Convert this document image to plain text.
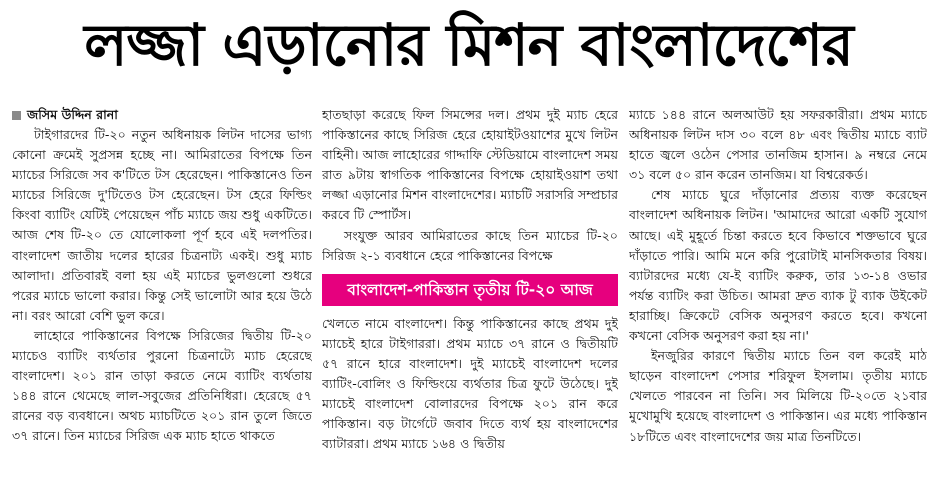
লজ্জা এড়ানোর মিশন বাংলাদেশের
জসিম উদ্দিন রানা

টাইগারদের টি-২০ নতুন অধিনায়ক লিটন দাসের ভাগ্য কোনো ক্রমেই সুপ্রসন্ন হচ্ছে না। আমিরাতের বিপক্ষে তিন ম্যাচের সিরিজে সব ক'টিতে টস হেরেছেন। পাকিস্তানেও তিন ম্যাচের সিরিজে দু'টিতেও টস হেরেছেন। টস হেরে ফিল্ডিং কিংবা ব্যাটিং যেটিই পেয়েছেন পাঁচ ম্যাচে জয় শুধু একটিতে। আজ শেষ টি-২০ তে যোলোকলা পূর্ণ হবে এই দলপতির। বাংলাদেশ জাতীয় দলের হারের চিত্রনাট্য একই। শুধু ম্যাচ আলাদা। প্রতিবারই বলা হয় এই ম্যাচের ভুলগুলো শুধরে পরের ম্যাচে ভালো করার। কিন্তু সেই ভালোটা আর হয়ে উঠে না। বরং আরো বেশি ভুল করে।

লাহোরে পাকিস্তানের বিপক্ষে সিরিজের দ্বিতীয় টি-২০ ম্যাচেও ব্যাটিং ব্যর্থতার পুরনো চিত্রনাট্যে ম্যাচ হেরেছে বাংলাদেশ। ২০১ রান তাড়া করতে নেমে ব্যাটিং ব্যর্থতায় ১৪৪ রানে থেমেছে লাল-সবুজের প্রতিনিধিরা। হেরেছে ৫৭ রানের বড় ব্যবধানে। অথচ ম্যাচটিতে ২০১ রান তুলে জিতে ৩৭ রানে। তিন ম্যাচের সিরিজ এক ম্যাচ হাতে থাকতে

হাতছাড়া করেছে ফিল সিমন্সের দল। প্রথম দুই ম্যাচ হেরে পাকিস্তানের কাছে সিরিজ হেরে হোয়াইটওয়াশের মুখে লিটন বাহিনী। আজ লাহোরের গাদ্দাফি স্টেডিয়ামে বাংলাদেশ সময় রাত ৯টায় স্বাগতিক পাকিস্তানের বিপক্ষে হোয়াইওয়াশ তথা লজ্জা এড়ানোর মিশন বাংলাদেশের। ম্যাচটি সরাসরি সম্প্রচার করবে টি স্পোর্টস।

সংযুক্ত আরব আমিরাতের কাছে তিন ম্যাচের টি-২০ সিরিজ ২-১ ব্যবধানে হেরে পাকিস্তানের বিপক্ষে

বাংলাদেশ-পাকিস্তান তৃতীয় টি-২০ আজ

খেলতে নামে বাংলাদেশ। কিন্তু পাকিস্তানের কাছে প্রথম দুই ম্যাচেই হারে টাইগাররা। প্রথম ম্যাচে ৩৭ রানে ও দ্বিতীয়টি ৫৭ রানে হারে বাংলাদেশ। দুই ম্যাচেই বাংলাদেশ দলের ব্যাটিং-বোলিং ও ফিল্ডিংয়ে ব্যর্থতার চিত্র ফুটে উঠেছে। দুই ম্যাচেই বাংলাদেশ বোলারদের বিপক্ষে ২০১ রান করে পাকিস্তান। বড় টার্গেটে জবাব দিতে ব্যর্থ হয় বাংলাদেশের ব্যাটাররা। প্রথম ম্যাচে ১৬৪ ও দ্বিতীয়

ম্যাচে ১৪৪ রানে অলআউট হয় সফরকারীরা। প্রথম ম্যাচে অধিনায়ক লিটন দাস ৩০ বলে ৪৮ এবং দ্বিতীয় ম্যাচে ব্যাট হাতে জ্বলে ওঠেন পেসার তানজিম হাসান। ৯ নম্বরে নেমে ৩১ বলে ৫০ রান করেন তানজিম। যা বিশ্বরেকর্ড।

শেষ ম্যাচে ঘুরে দাঁড়ানোর প্রত্যয় ব্যক্ত করেছেন বাংলাদেশ অধিনায়ক লিটন। 'আমাদের আরো একটি সুযোগ আছে। এই মুহূর্তে চিন্তা করতে হবে কিভাবে শক্তভাবে ঘুরে দাঁড়াতে পারি। আমি মনে করি পুরোটাই মানসিকতার বিষয়। ব্যাটারদের মধ্যে যে-ই ব্যাটিং করুক, তার ১৩-১৪ ওভার পর্যন্ত ব্যাটিং করা উচিত। আমরা দ্রুত ব্যাক টু ব্যাক উইকেট হারাচ্ছি। ক্রিকেটে বেসিক অনুসরণ করতে হবে। কখনো কখনো বেসিক অনুসরণ করা হয় না।'

ইনজুরির কারণে দ্বিতীয় ম্যাচে তিন বল করেই মাঠ ছাড়েন বাংলাদেশ পেসার শরিফুল ইসলাম। তৃতীয় ম্যাচে খেলতে পারবেন না তিনি। সব মিলিয়ে টি-২০তে ২১বার মুখোমুখি হয়েছে বাংলাদেশ ও পাকিস্তান। এর মধ্যে পাকিস্তান ১৮টিতে এবং বাংলাদেশের জয় মাত্র তিনটিতে।
